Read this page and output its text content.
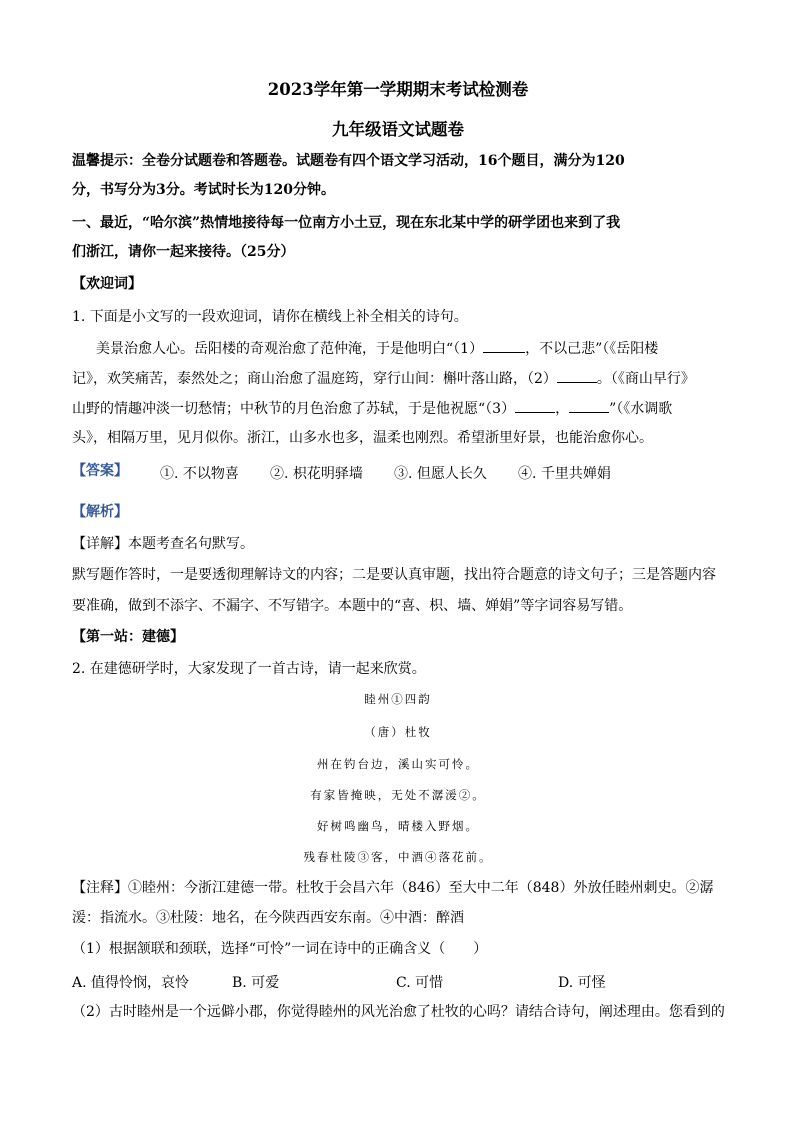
2023学年第一学期期末考试检测卷
九年级语文试题卷
温馨提示：全卷分试题卷和答题卷。试题卷有四个语文学习活动，16个题目，满分为120
分，书写分为3分。考试时长为120分钟。
一、最近，“哈尔滨”热情地接待每一位南方小土豆，现在东北某中学的研学团也来到了我
们浙江，请你一起来接待。（25分）
【欢迎词】
1. 下面是小文写的一段欢迎词，请你在横线上补全相关的诗句。
美景治愈人心。岳阳楼的奇观治愈了范仲淹，于是他明白“（1）	，不以己悲”（《岳阳楼
记》，欢笑痛苦，泰然处之；商山治愈了温庭筠，穿行山间：槲叶落山路，（2）	。（《商山早行》
山野的情趣冲淡一切愁情；中秋节的月色治愈了苏轼，于是他祝愿“（3）	，	”（《水调歌
头》，相隔万里，见月似你。浙江，山多水也多，温柔也刚烈。希望浙里好景，也能治愈你心。
【答案】 ①. 不以物喜 ②. 枳花明驿墙 ③. 但愿人长久 ④. 千里共婵娟
【解析】
【详解】本题考查名句默写。
默写题作答时，一是要透彻理解诗文的内容；二是要认真审题，找出符合题意的诗文句子；三是答题内容
要准确，做到不添字、不漏字、不写错字。本题中的“喜、枳、墙、婵娟”等字词容易写错。
【第一站：建德】
2. 在建德研学时，大家发现了一首古诗，请一起来欣赏。
睦州①四韵
（唐）杜牧
州在钓台边，溪山实可怜。
有家皆掩映，无处不潺湲②。
好树鸣幽鸟，晴楼入野烟。
残春杜陵③客，中酒④落花前。
【注释】①睦州：今浙江建德一带。杜牧于会昌六年（846）至大中二年（848）外放任睦州刺史。②潺
湲：指流水。③杜陵：地名，在今陕西西安东南。④中酒：醉酒
（1）根据颔联和颈联，选择“可怜”一词在诗中的正确含义（　　）
A. 值得怜悯，哀怜	B. 可爱	C. 可惜	D. 可怪
（2）古时睦州是一个远僻小郡，你觉得睦州的风光治愈了杜牧的心吗？请结合诗句，阐述理由。您看到的
